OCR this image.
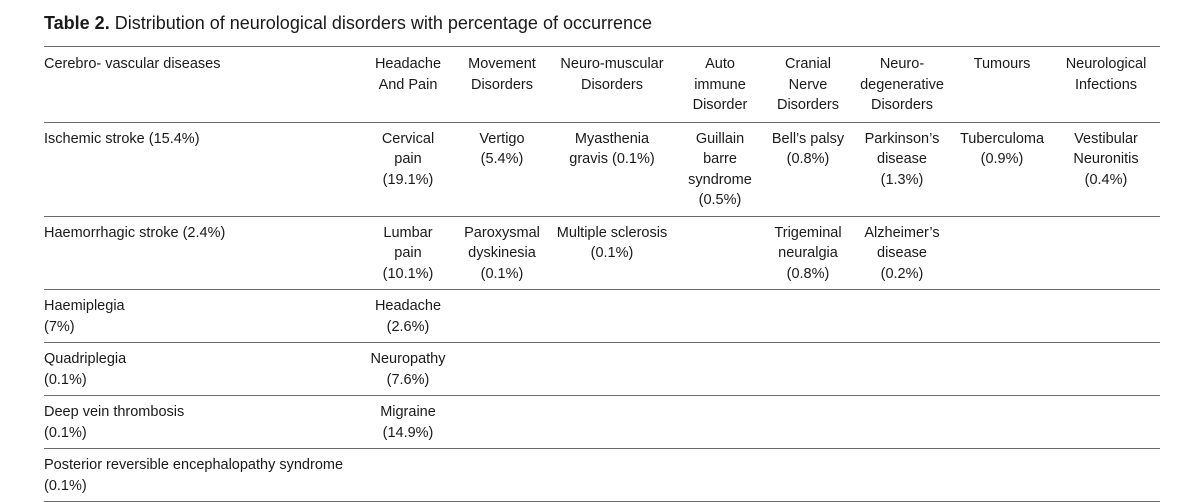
Table 2. Distribution of neurological disorders with percentage of occurrence
Cerebro- vascular diseases	Headache And Pain	Movement Disorders	Neuro-muscular Disorders	Auto immune Disorder	Cranial Nerve Disorders	Neuro- degenerative Disorders	Tumours	Neurological Infections

Ischemic stroke (15.4%)	Cervical pain (19.1%)	Vertigo (5.4%)	Myasthenia gravis (0.1%)	Guillain barre syndrome (0.5%)	Bell’s palsy (0.8%)	Parkinson’s disease (1.3%)	Tuberculoma (0.9%)	Vestibular Neuronitis (0.4%)

Haemorrhagic stroke (2.4%)	Lumbar pain (10.1%)	Paroxysmal dyskinesia (0.1%)	Multiple sclerosis (0.1%)		Trigeminal neuralgia (0.8%)	Alzheimer’s disease (0.2%)		

Haemiplegia (7%)	Headache (2.6%)							

Quadriplegia (0.1%)	Neuropathy (7.6%)							

Deep vein thrombosis (0.1%)	Migraine (14.9%)							

Posterior reversible encephalopathy syndrome (0.1%)								
